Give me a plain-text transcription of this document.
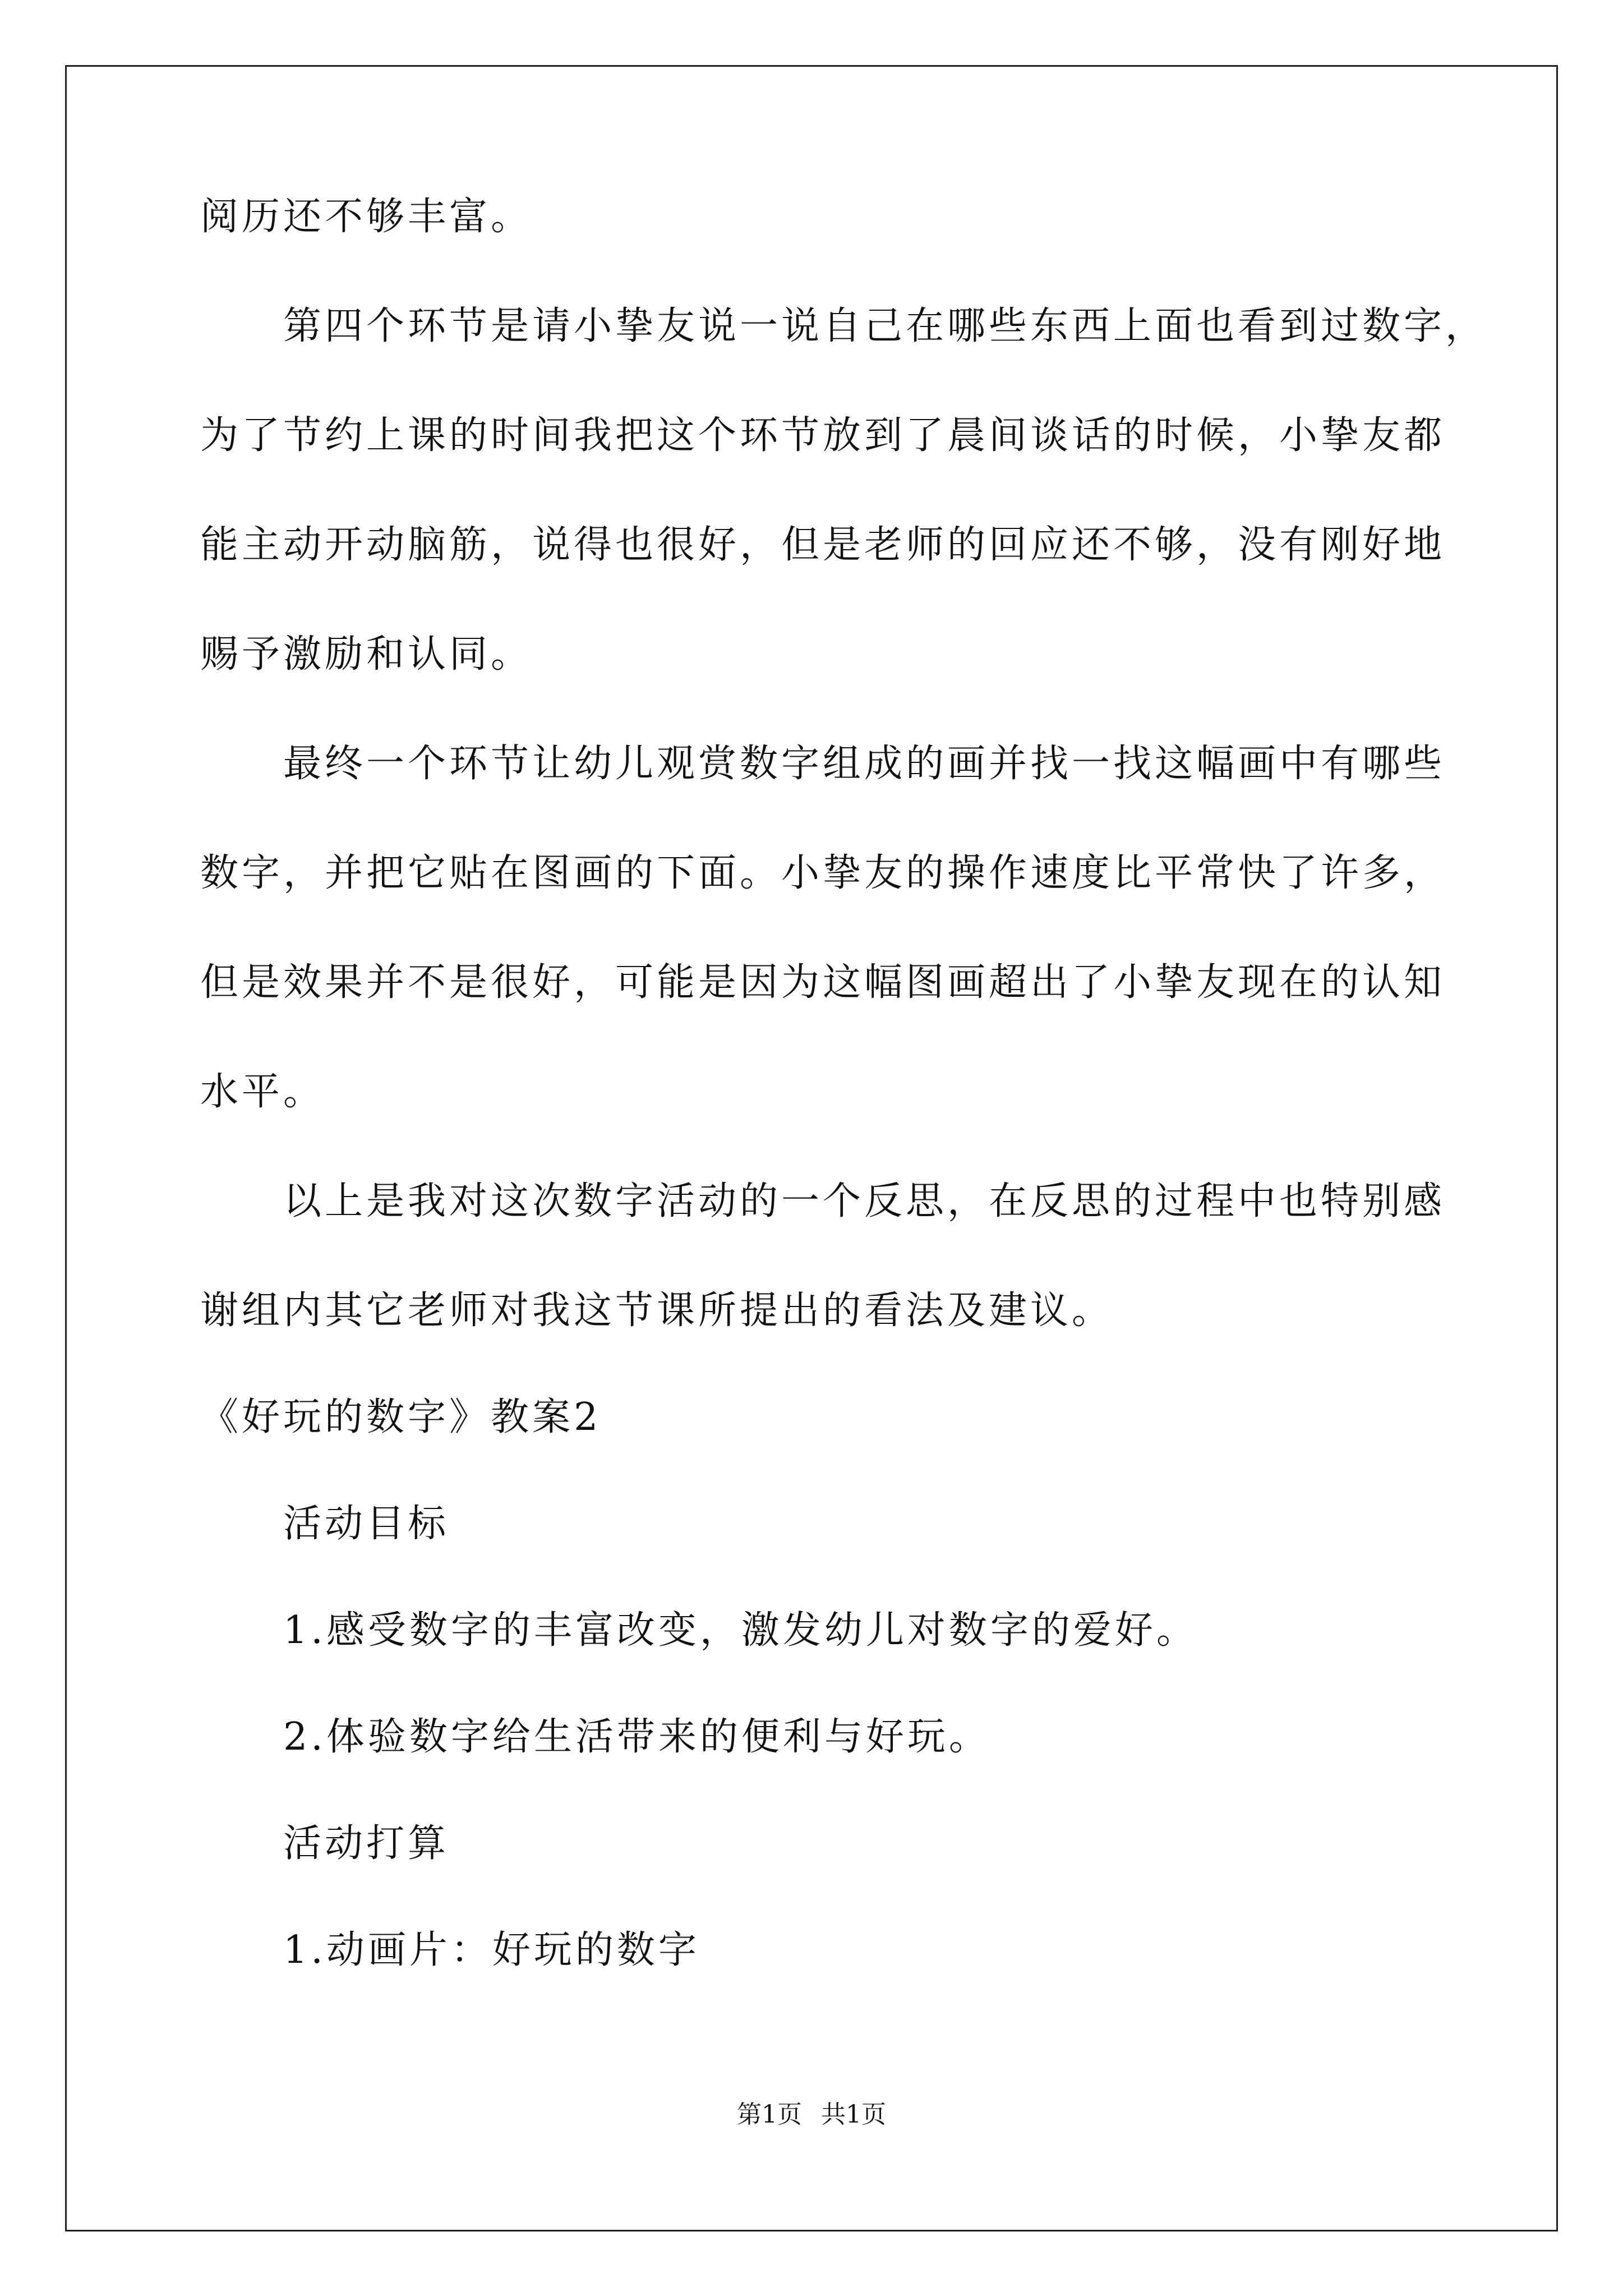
阅历还不够丰富。
第四个环节是请小挚友说一说自己在哪些东西上面也看到过数字，
为了节约上课的时间我把这个环节放到了晨间谈话的时候，小挚友都
能主动开动脑筋，说得也很好，但是老师的回应还不够，没有刚好地
赐予激励和认同。
最终一个环节让幼儿观赏数字组成的画并找一找这幅画中有哪些
数字，并把它贴在图画的下面。小挚友的操作速度比平常快了许多，
但是效果并不是很好，可能是因为这幅图画超出了小挚友现在的认知
水平。
以上是我对这次数字活动的一个反思，在反思的过程中也特别感
谢组内其它老师对我这节课所提出的看法及建议。
《好玩的数字》教案2
活动目标
1.感受数字的丰富改变，激发幼儿对数字的爱好。
2.体验数字给生活带来的便利与好玩。
活动打算
1.动画片：好玩的数字
第1页 共1页
